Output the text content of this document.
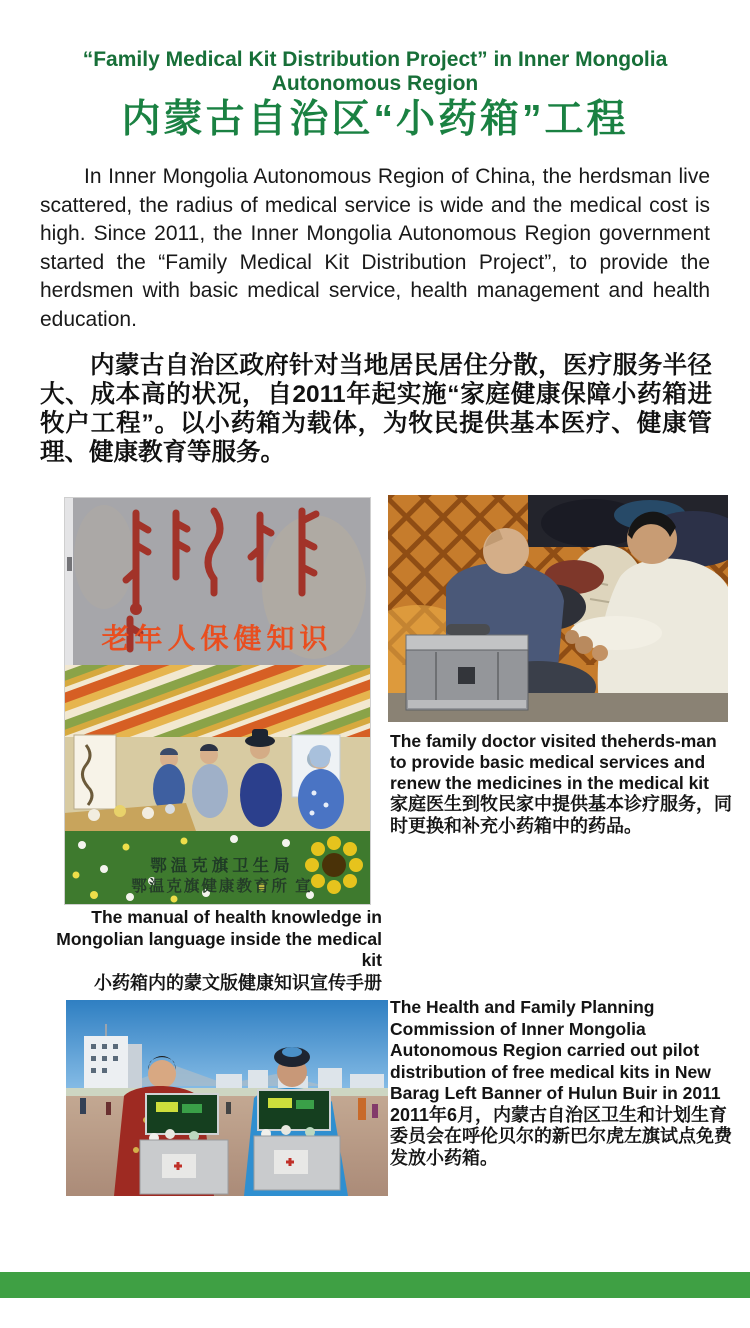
“Family Medical Kit Distribution Project” in Inner Mongolia Autonomous Region
内蒙古自治区“小药箱”工程

In Inner Mongolia Autonomous Region of China, the herdsman live scattered, the radius of medical service is wide and the medical cost is high. Since 2011, the Inner Mongolia Autonomous Region government started the “Family Medical Kit Distribution Project”, to provide the herdsmen with basic medical service, health management and health education.

内蒙古自治区政府针对当地居民居住分散，医疗服务半径大、成本高的状况，自2011年起实施“家庭健康保障小药箱进牧户工程”。以小药箱为载体，为牧民提供基本医疗、健康管理、健康教育等服务。

老年人保健知识
鄂温克旗卫生局
鄂温克旗健康教育所 宣

The family doctor visited theherds-man to provide basic medical services and renew the medicines in the medical kit

家庭医生到牧民家中提供基本诊疗服务，同时更换和补充小药箱中的药品。

The manual of health knowledge in Mongolian language inside the medical kit

小药箱内的蒙文版健康知识宣传手册

The Health and Family Planning Commission of Inner Mongolia Autonomous Region carried out pilot distribution of free medical kits in New Barag Left Banner of Hulun Buir in 2011

2011年6月，内蒙古自治区卫生和计划生育委员会在呼伦贝尔的新巴尔虎左旗试点免费发放小药箱。
